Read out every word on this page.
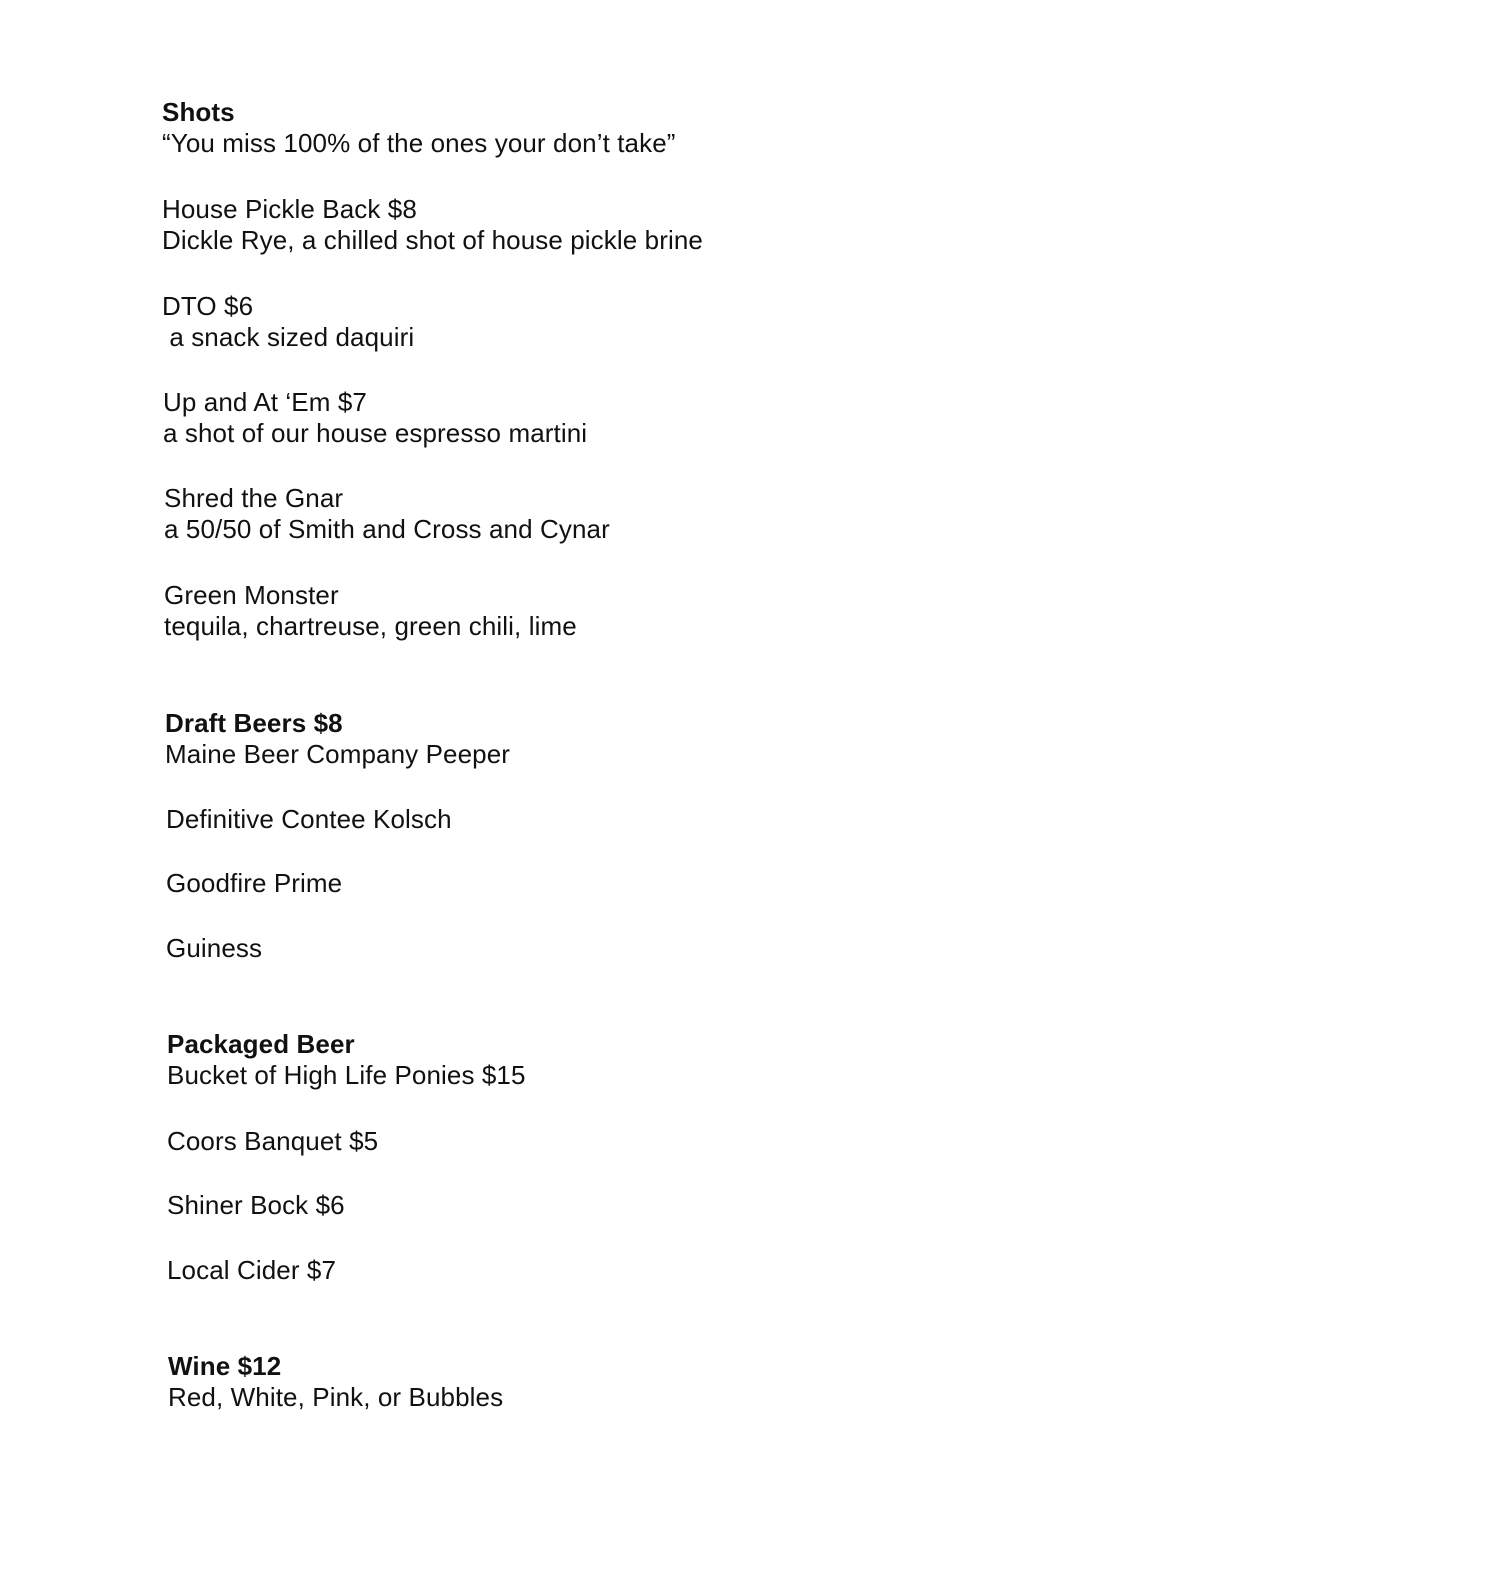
Shots
“You miss 100% of the ones your don’t take”
House Pickle Back $8
Dickle Rye, a chilled shot of house pickle brine
DTO $6
a snack sized daquiri
Up and At ‘Em $7
a shot of our house espresso martini
Shred the Gnar
a 50/50 of Smith and Cross and Cynar
Green Monster
tequila, chartreuse, green chili, lime
Draft Beers $8
Maine Beer Company Peeper
Definitive Contee Kolsch
Goodfire Prime
Guiness
Packaged Beer
Bucket of High Life Ponies $15
Coors Banquet $5
Shiner Bock $6
Local Cider $7
Wine $12
Red, White, Pink, or Bubbles
